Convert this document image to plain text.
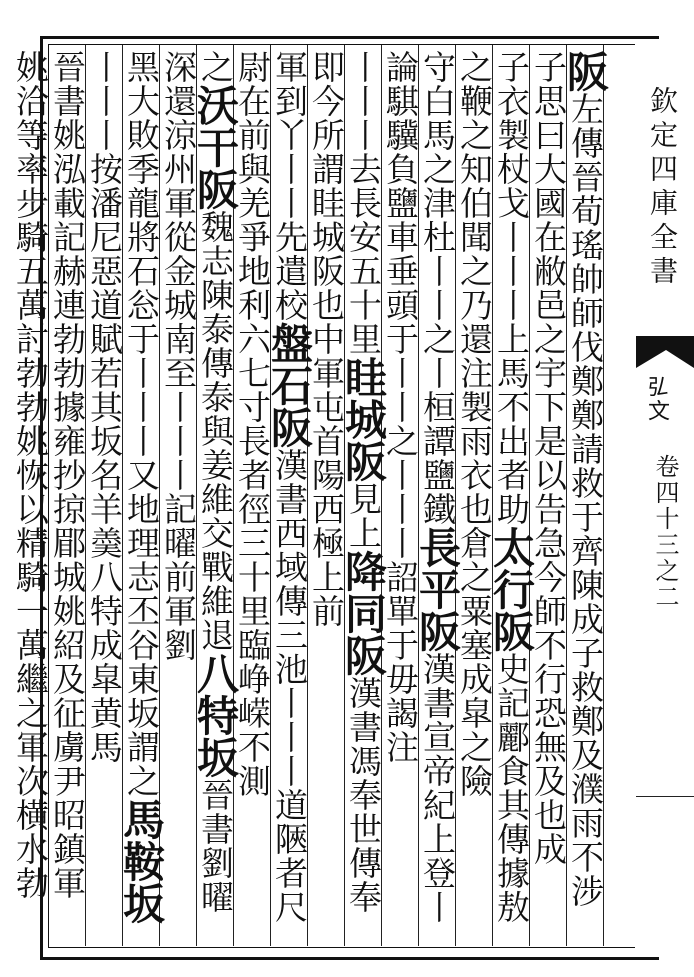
阪左傳晉荀瑤帥師伐鄭鄭請救于齊陳成子救鄭及濮雨不涉
子思曰大國在敝邑之宇下是以告急今師不行恐無及也成
子衣製杖戈丨丨丨上馬不出者助太行阪史記酈食其傳據敖
之鞭之知伯聞之乃還注製雨衣也倉之粟塞成皐之險
守白馬之津杜丨丨之丨桓譚鹽鐵長平阪漢書宣帝紀上登丨
論騏驥負鹽車垂頭于丨丨之丨丨丨詔單于毋謁注
丨丨丨去長安五十里眭城阪見上降同阪漢書馮奉世傳奉
即今所謂眭城阪也中軍屯首陽西極上前
軍到丫丨丨先遣校盤石阪漢書西域傳三池丨丨丨道陿者尺
尉在前與羌爭地利六七寸長者徑三十里臨峥嵘不測
之沃干阪魏志陳泰傳泰與姜維交戰維退八特坂晉書劉曜
深還涼州軍從金城南至丨丨丨記曜前軍劉
黑大敗季龍將石忩于丨丨丨又地理志丕谷東坂謂之馬鞍坂
丨丨丨按潘尼惡道賦若其坂名羊羮八特成皐黄馬
晉書姚泓載記赫連勃勃據雍抄掠郿城姚紹及征虜尹昭鎮軍
姚洽等率步騎五萬討勃勃姚恢以精騎一萬繼之軍次横水勃	欽定四庫全書
𢎞文
卷四十三之二
